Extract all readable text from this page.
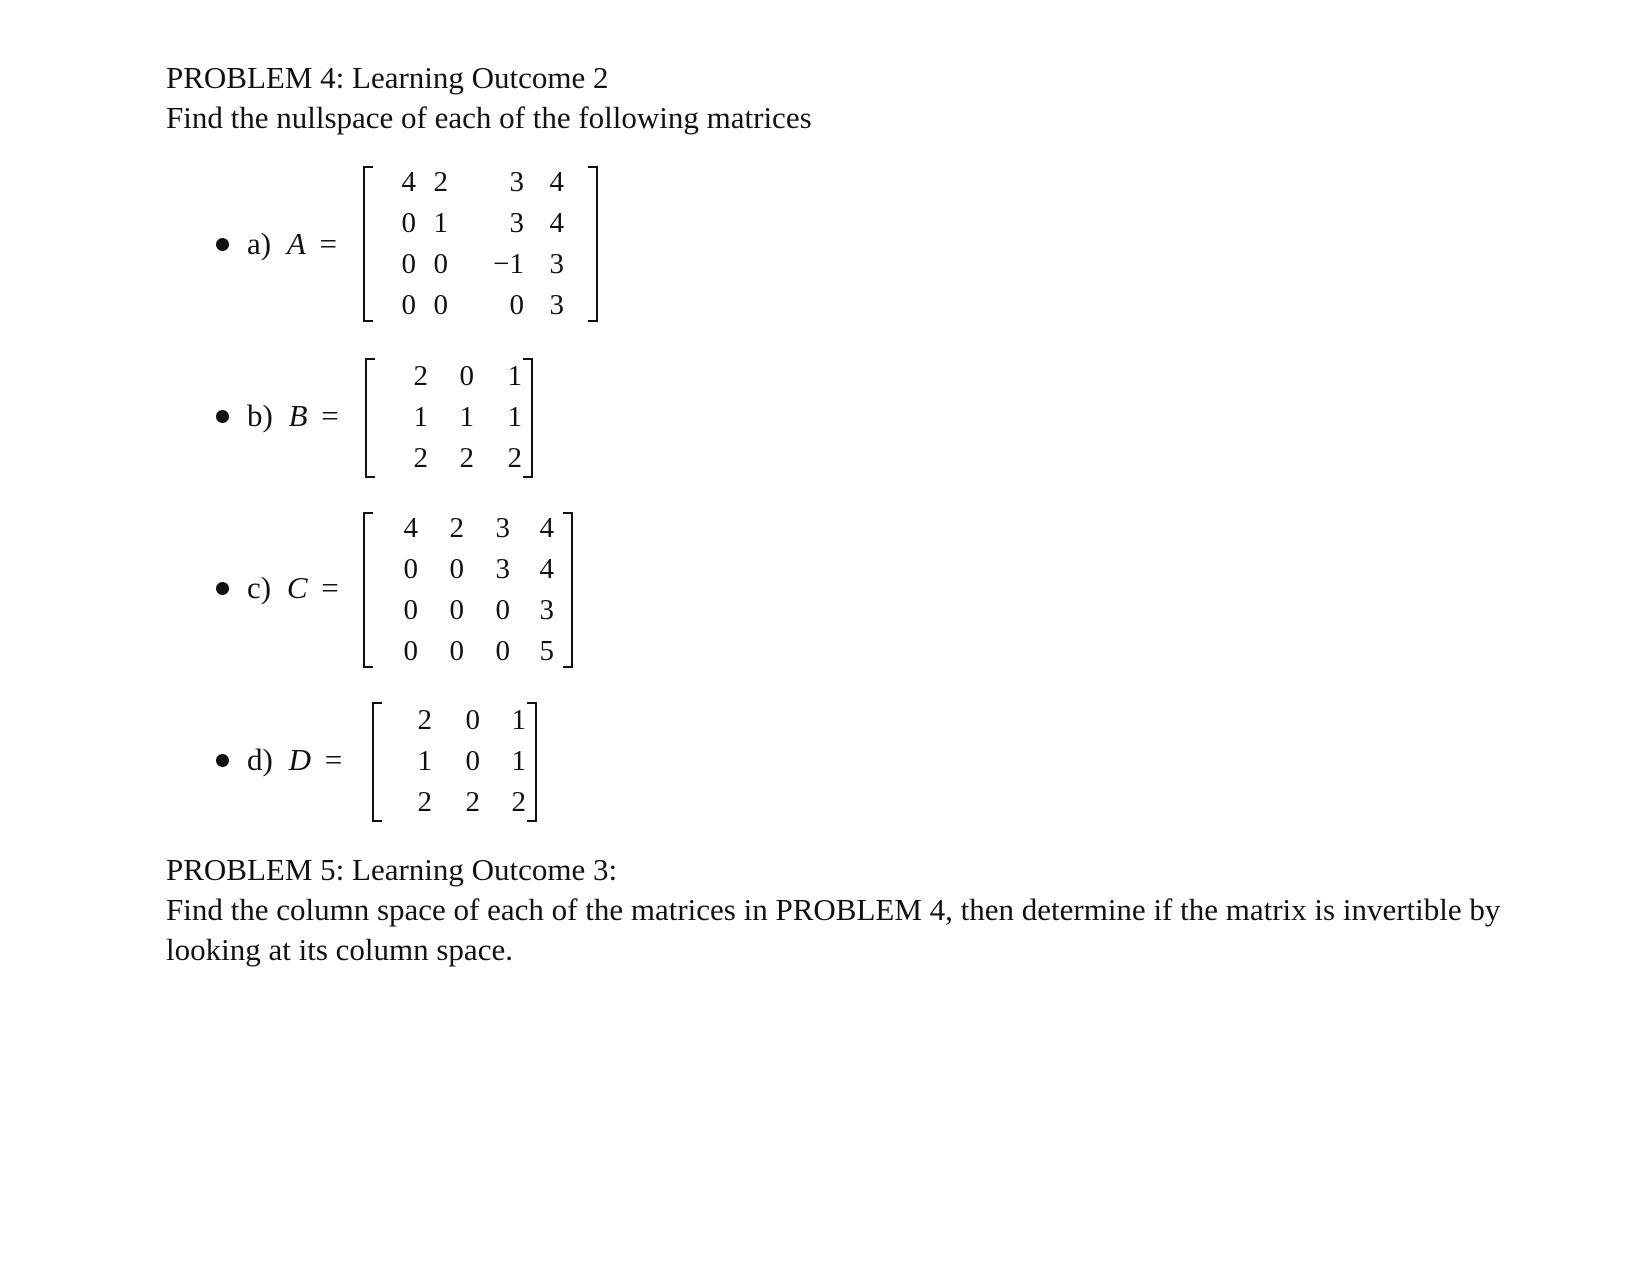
PROBLEM 4: Learning Outcome 2
Find the nullspace of each of the following matrices
a) A =
4 2	3 4
0 1	3 4
0 0	−1 3
0 0	0 3
b) B =
2	0	1
1	1	1
2	2	2
c) C =
4	2	3	4
0	0	3	4
0	0	0	3
0	0	0	5
d) D =
2	0	1
1	0	1
2	2	2
PROBLEM 5: Learning Outcome 3:
Find the column space of each of the matrices in PROBLEM 4, then determine if the matrix is invertible by looking at its column space.
